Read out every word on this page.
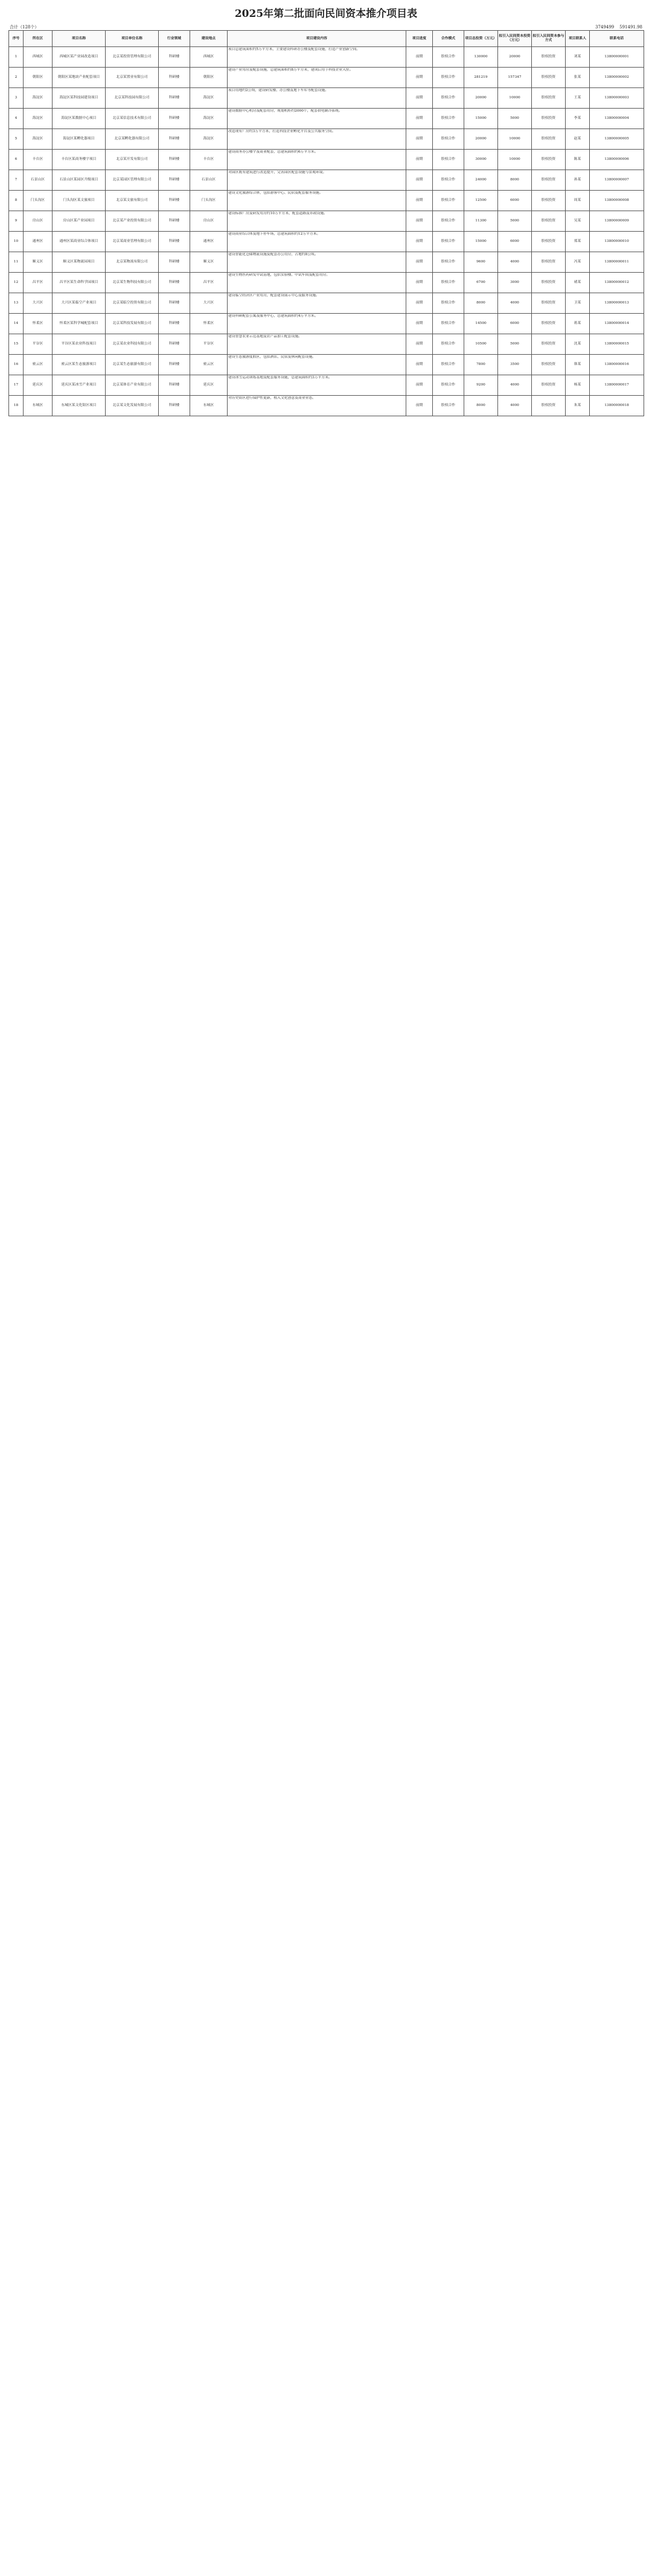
2025年第二批面向民间资本推介项目表
合计（128个）	3749499 591491.98
序号	所在区	项目名称	项目单位名称	行业领域	建设地点	项目建设内容	项目进度	合作模式	项目总投资（万元）	拟引入民间资本投资（万元）	拟引入民间资本参与方式	项目联系人	联系电话
1	西城区	西城区某产业园改造项目	北京某投资管理有限公司	科研楼	西城区	项目总建筑面积约5万平方米，主要建设科研办公楼及配套设施，打造产业创新空间。	前期	股权合作	130000	20000	股权投资	刘某	13800000001
2	朝阳区	朝阳区某地块产业配套项目	北京某置业有限公司	科研楼	朝阳区	建设产业用房及配套设施，总建筑面积约8万平方米，建成后用于科技企业入驻。	前期	股权合作	281219	157347	股权投资	张某	13800000002
3	海淀区	海淀区某科技园建设项目	北京某科技园有限公司	科研楼	海淀区	项目用地约2公顷，建设研发楼、办公楼及地下车库等配套设施。	前期	股权合作	20000	10000	股权投资	王某	13800000003
4	海淀区	海淀区某数据中心项目	北京某信息技术有限公司	科研楼	海淀区	建设数据中心机房及配套用房，规划机柜约2000个，配套供电制冷系统。	前期	股权合作	15000	5000	股权投资	李某	13800000004
5	海淀区	海淀区某孵化器项目	北京某孵化器有限公司	科研楼	海淀区	改造现有厂房约3万平方米，打造科技企业孵化平台及公共服务空间。	前期	股权合作	20000	10000	股权投资	赵某	13800000005
6	丰台区	丰台区某商务楼宇项目	北京某开发有限公司	科研楼	丰台区	建设商务办公楼宇及商业配套，总建筑面积约6万平方米。	前期	股权合作	30000	10000	股权投资	陈某	13800000006
7	石景山区	石景山区某园区升级项目	北京某园区管理有限公司	科研楼	石景山区	对园区既有建筑进行改造提升，完善园区配套设施与景观环境。	前期	股权合作	24000	8000	股权投资	孙某	13800000007
8	门头沟区	门头沟区某文旅项目	北京某文旅有限公司	科研楼	门头沟区	建设文化旅游综合体，包括游客中心、民宿及配套服务设施。	前期	股权合作	12500	6000	股权投资	周某	13800000008
9	房山区	房山区某产业园项目	北京某产业投资有限公司	科研楼	房山区	建设标准厂房及研发用房约10万平方米，配套道路及市政设施。	前期	股权合作	11300	5000	股权投资	吴某	13800000009
10	通州区	通州区某商业综合体项目	北京某商业管理有限公司	科研楼	通州区	建设商业综合体及地下停车场，总建筑面积约12万平方米。	前期	股权合作	15000	6000	股权投资	郑某	13800000010
11	顺义区	顺义区某物流园项目	北京某物流有限公司	科研楼	顺义区	建设智能化仓储物流设施及配套办公用房，占地约8公顷。	前期	股权合作	9600	4000	股权投资	冯某	13800000011
12	昌平区	昌平区某生命科学园项目	北京某生物科技有限公司	科研楼	昌平区	建设生物医药研发中试基地，包括实验楼、中试车间及配套用房。	前期	股权合作	6700	3000	股权投资	褚某	13800000012
13	大兴区	大兴区某临空产业项目	北京某临空投资有限公司	科研楼	大兴区	建设临空经济区产业用房，配套建设展示中心及服务设施。	前期	股权合作	8000	4000	股权投资	卫某	13800000013
14	怀柔区	怀柔区某科学城配套项目	北京某科技发展有限公司	科研楼	怀柔区	建设科研配套公寓及服务中心，总建筑面积约4万平方米。	前期	股权合作	14500	6000	股权投资	蒋某	13800000014
15	平谷区	平谷区某农业科技项目	北京某农业科技有限公司	科研楼	平谷区	建设智慧农业示范基地及农产品加工配套设施。	前期	股权合作	10500	5000	股权投资	沈某	13800000015
16	密云区	密云区某生态旅游项目	北京某生态旅游有限公司	科研楼	密云区	建设生态旅游度假区，包括酒店、民宿及休闲配套设施。	前期	股权合作	7800	3500	股权投资	韩某	13800000016
17	延庆区	延庆区某冰雪产业项目	北京某体育产业有限公司	科研楼	延庆区	建设冰雪运动训练基地及配套服务设施，总建筑面积约3万平方米。	前期	股权合作	9200	4000	股权投资	杨某	13800000017
18	东城区	东城区某文化街区项目	北京某文化发展有限公司	科研楼	东城区	对历史街区进行保护性更新，植入文化创意及商业业态。	前期	股权合作	8000	4000	股权投资	朱某	13800000018
